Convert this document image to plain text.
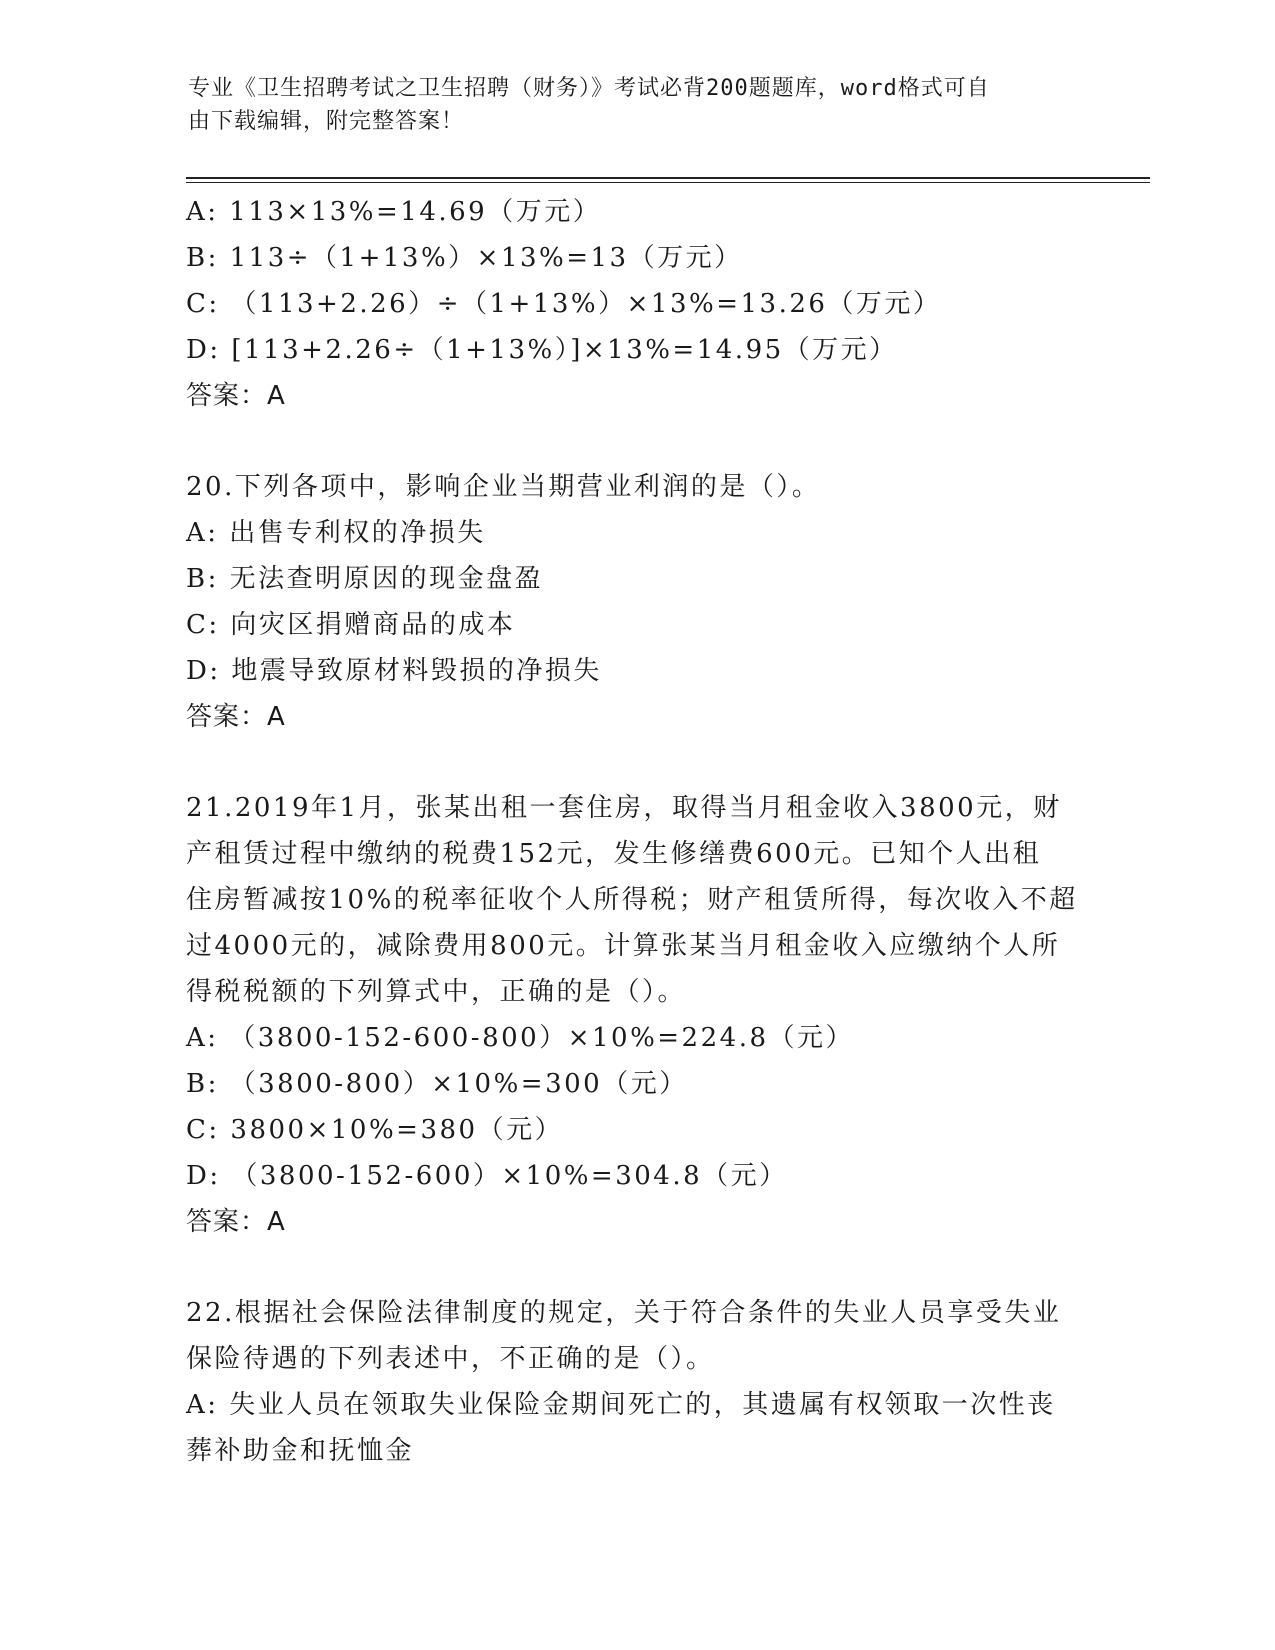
专业《卫生招聘考试之卫生招聘（财务）》考试必背200题题库，word格式可自
由下载编辑，附完整答案！
A: 113×13%=14.69（万元）
B: 113÷（1+13%）×13%=13（万元）
C: （113+2.26）÷（1+13%）×13%=13.26（万元）
D: [113+2.26÷（1+13%）]×13%=14.95（万元）
答案：A
20.下列各项中，影响企业当期营业利润的是（）。
A: 出售专利权的净损失
B: 无法查明原因的现金盘盈
C: 向灾区捐赠商品的成本
D: 地震导致原材料毁损的净损失
答案：A
21.2019年1月，张某出租一套住房，取得当月租金收入3800元，财
产租赁过程中缴纳的税费152元，发生修缮费600元。已知个人出租
住房暂减按10%的税率征收个人所得税；财产租赁所得，每次收入不超
过4000元的，减除费用800元。计算张某当月租金收入应缴纳个人所
得税税额的下列算式中，正确的是（）。
A: （3800-152-600-800）×10%=224.8（元）
B: （3800-800）×10%=300（元）
C: 3800×10%=380（元）
D: （3800-152-600）×10%=304.8（元）
答案：A
22.根据社会保险法律制度的规定，关于符合条件的失业人员享受失业
保险待遇的下列表述中，不正确的是（）。
A: 失业人员在领取失业保险金期间死亡的，其遗属有权领取一次性丧
葬补助金和抚恤金
